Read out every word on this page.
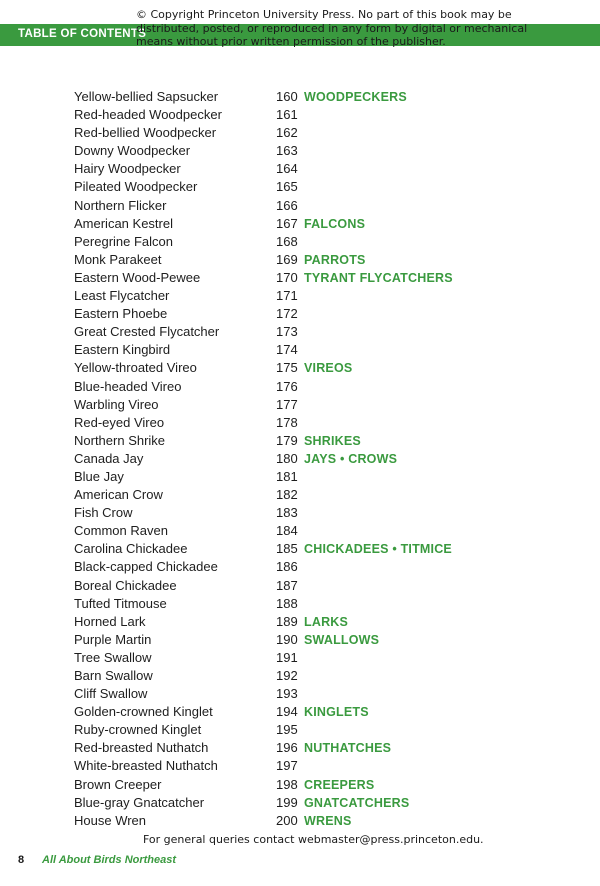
TABLE OF CONTENTS
© Copyright Princeton University Press. No part of this book may be
distributed, posted, or reproduced in any form by digital or mechanical
means without prior written permission of the publisher.
Yellow-bellied Sapsucker	160 WOODPECKERS
Red-headed Woodpecker	161
Red-bellied Woodpecker	162
Downy Woodpecker	163
Hairy Woodpecker	164
Pileated Woodpecker	165
Northern Flicker	166
American Kestrel	167 FALCONS
Peregrine Falcon	168
Monk Parakeet	169 PARROTS
Eastern Wood-Pewee	170 TYRANT FLYCATCHERS
Least Flycatcher	171
Eastern Phoebe	172
Great Crested Flycatcher	173
Eastern Kingbird	174
Yellow-throated Vireo	175 VIREOS
Blue-headed Vireo	176
Warbling Vireo	177
Red-eyed Vireo	178
Northern Shrike	179 SHRIKES
Canada Jay	180 JAYS • CROWS
Blue Jay	181
American Crow	182
Fish Crow	183
Common Raven	184
Carolina Chickadee	185 CHICKADEES • TITMICE
Black-capped Chickadee	186
Boreal Chickadee	187
Tufted Titmouse	188
Horned Lark	189 LARKS
Purple Martin	190 SWALLOWS
Tree Swallow	191
Barn Swallow	192
Cliff Swallow	193
Golden-crowned Kinglet	194 KINGLETS
Ruby-crowned Kinglet	195
Red-breasted Nuthatch	196 NUTHATCHES
White-breasted Nuthatch	197
Brown Creeper	198 CREEPERS
Blue-gray Gnatcatcher	199 GNATCATCHERS
House Wren	200 WRENS
For general queries contact webmaster@press.princeton.edu.
8 All About Birds Northeast
